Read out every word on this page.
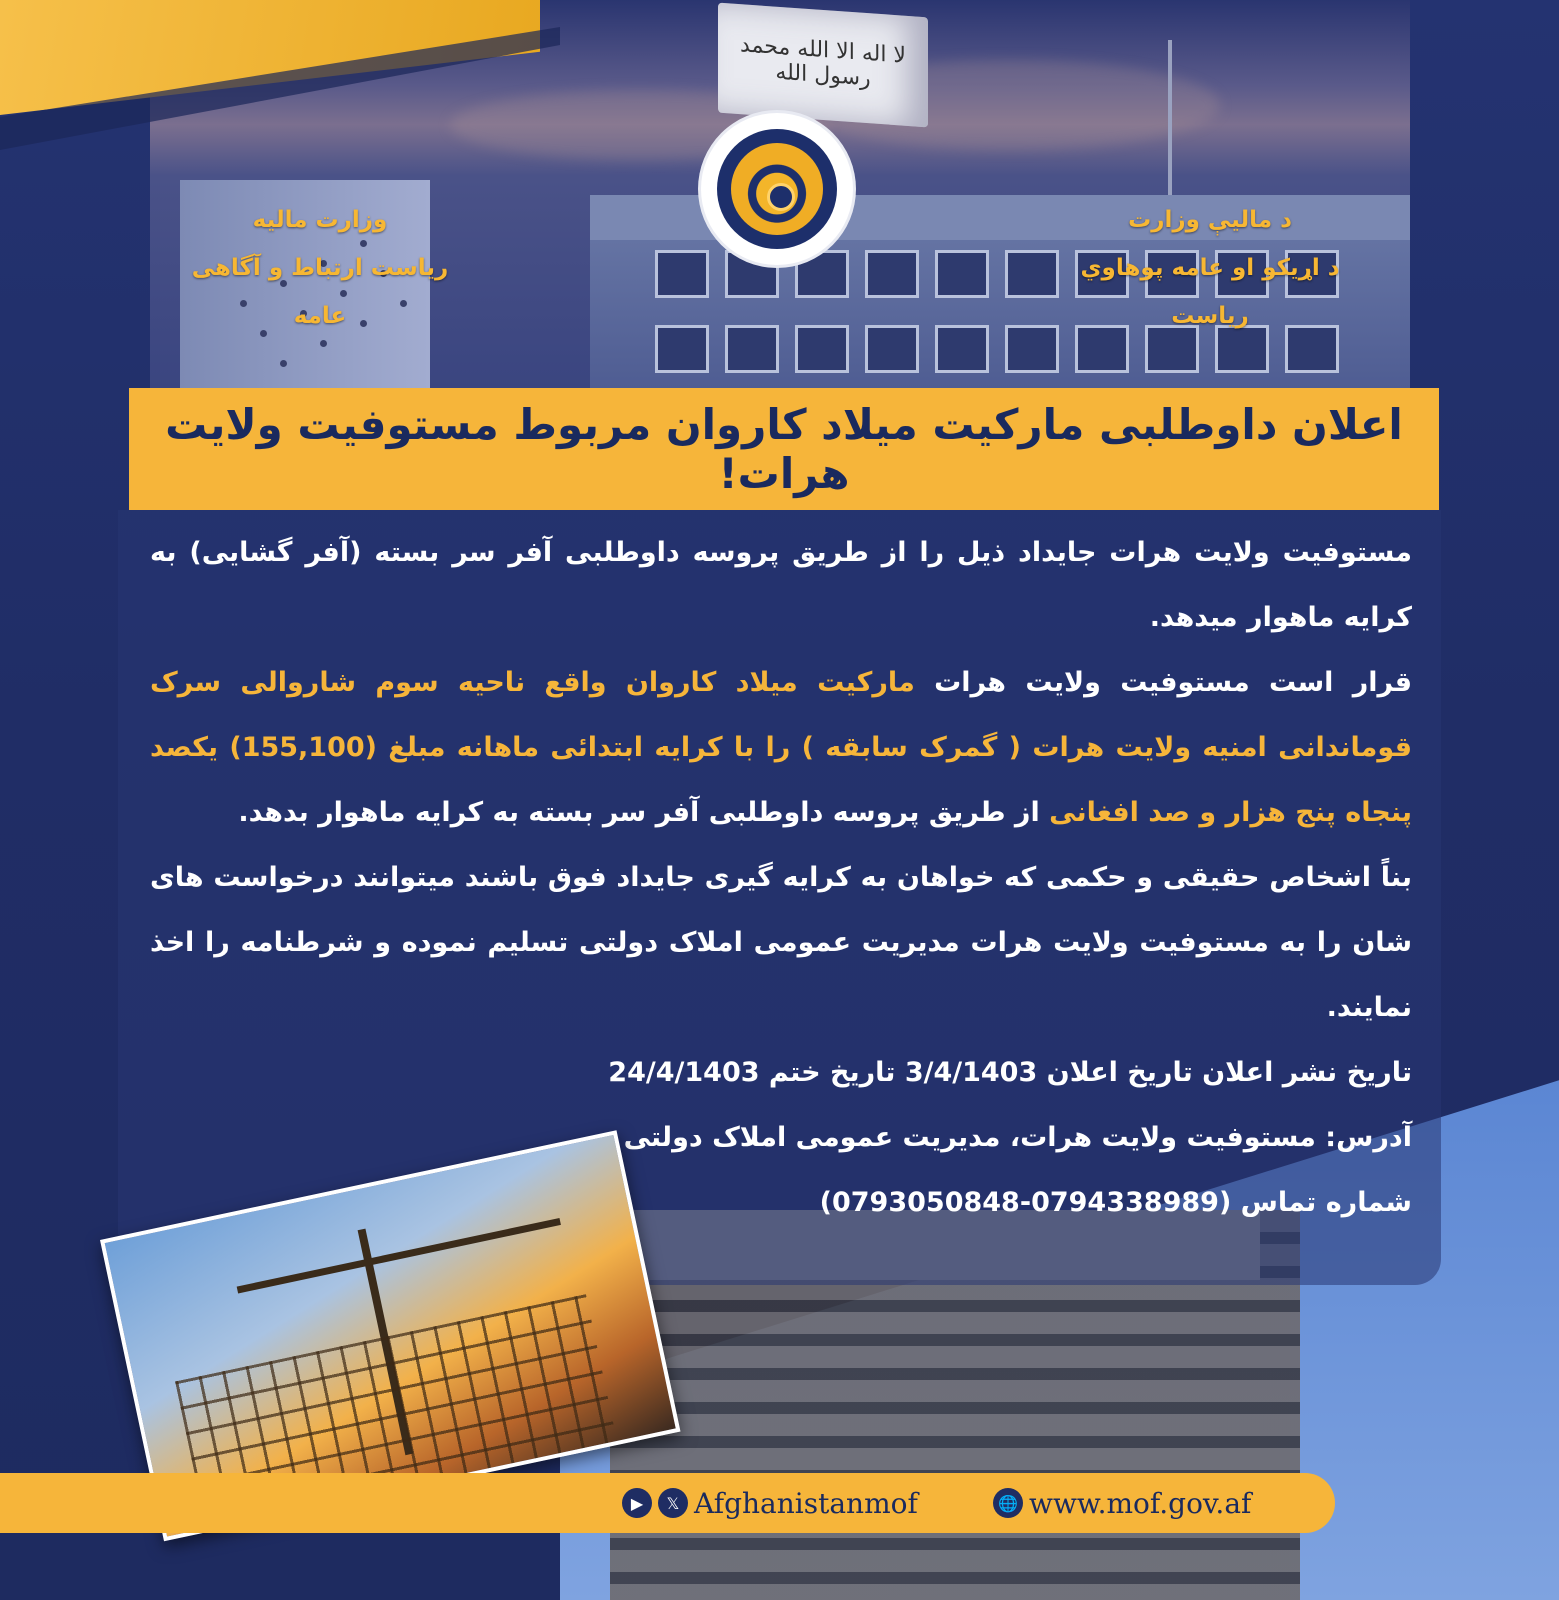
لا اله الا الله محمد رسول الله
وزارت مالیه
ریاست ارتباط و آگاهی عامه
د مالیې وزارت
د اړیکو او عامه پوهاوي ریاست
اعلان داوطلبی مارکیت میلاد کاروان مربوط مستوفیت ولایت هرات!

مستوفیت ولایت هرات جایداد ذیل را از طریق پروسه داوطلبی آفر سر بسته (آفر گشایی) به کرایه ماهوار میدهد.

قرار است مستوفیت ولایت هرات مارکیت میلاد کاروان واقع ناحیه سوم شاروالی سرک قوماندانی امنیه ولایت هرات ( گمرک سابقه ) را با کرایه ابتدائی ماهانه مبلغ (155,100) یکصد پنجاه پنج هزار و صد افغانی از طریق پروسه داوطلبی آفر سر بسته به کرایه ماهوار بدهد.

بناً اشخاص حقیقی و حکمی که خواهان به کرایه گیری جایداد فوق باشند میتوانند درخواست های شان را به مستوفیت ولایت هرات مدیریت عمومی املاک دولتی تسلیم نموده و شرطنامه را اخذ نمایند.

تاریخ نشر اعلان تاریخ اعلان 3/4/1403 تاریخ ختم 24/4/1403

آدرس: مستوفیت ولایت هرات، مدیریت عمومی املاک دولتی

شماره تماس (0794338989-0793050848)

▶	𝕏 Afghanistanmof	🌐 www.mof.gov.af
